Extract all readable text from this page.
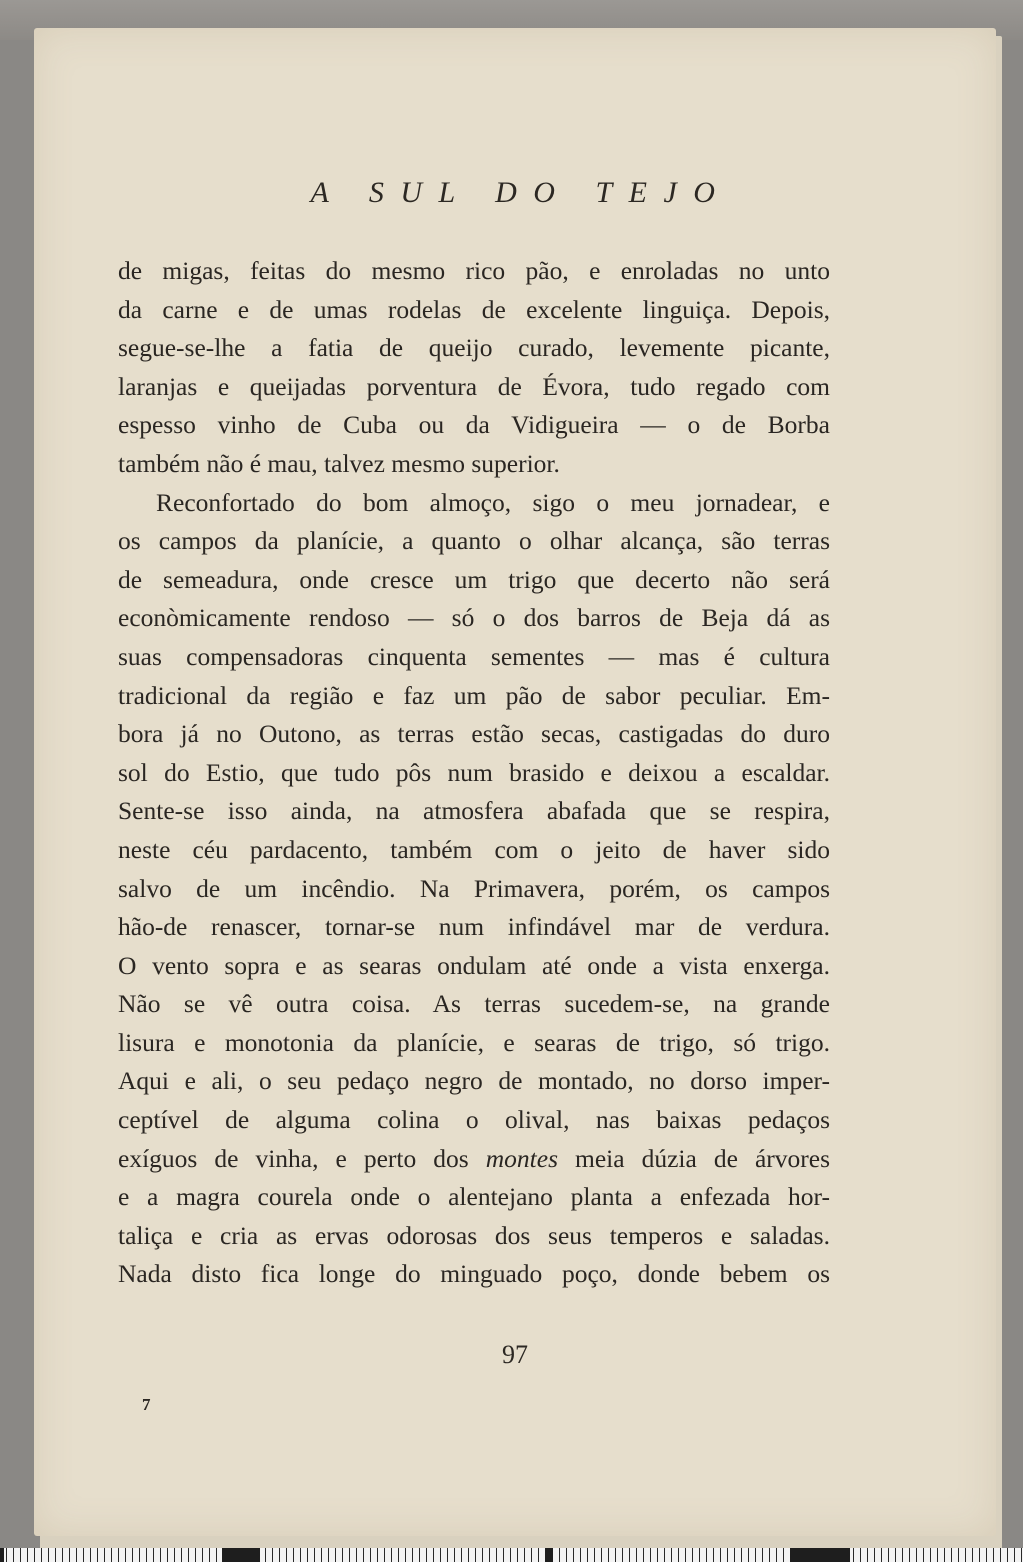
A SUL DO TEJO
de migas, feitas do mesmo rico pão, e enroladas no unto
da carne e de umas rodelas de excelente linguiça. Depois,
segue-se-lhe a fatia de queijo curado, levemente picante,
laranjas e queijadas porventura de Évora, tudo regado com
espesso vinho de Cuba ou da Vidigueira — o de Borba
também não é mau, talvez mesmo superior.
Reconfortado do bom almoço, sigo o meu jornadear, e
os campos da planície, a quanto o olhar alcança, são terras
de semeadura, onde cresce um trigo que decerto não será
econòmicamente rendoso — só o dos barros de Beja dá as
suas compensadoras cinquenta sementes — mas é cultura
tradicional da região e faz um pão de sabor peculiar. Em-
bora já no Outono, as terras estão secas, castigadas do duro
sol do Estio, que tudo pôs num brasido e deixou a escaldar.
Sente-se isso ainda, na atmosfera abafada que se respira,
neste céu pardacento, também com o jeito de haver sido
salvo de um incêndio. Na Primavera, porém, os campos
hão-de renascer, tornar-se num infindável mar de verdura.
O vento sopra e as searas ondulam até onde a vista enxerga.
Não se vê outra coisa. As terras sucedem-se, na grande
lisura e monotonia da planície, e searas de trigo, só trigo.
Aqui e ali, o seu pedaço negro de montado, no dorso imper-
ceptível de alguma colina o olival, nas baixas pedaços
exíguos de vinha, e perto dos montes meia dúzia de árvores
e a magra courela onde o alentejano planta a enfezada hor-
taliça e cria as ervas odorosas dos seus temperos e saladas.
Nada disto fica longe do minguado poço, donde bebem os
97
7
